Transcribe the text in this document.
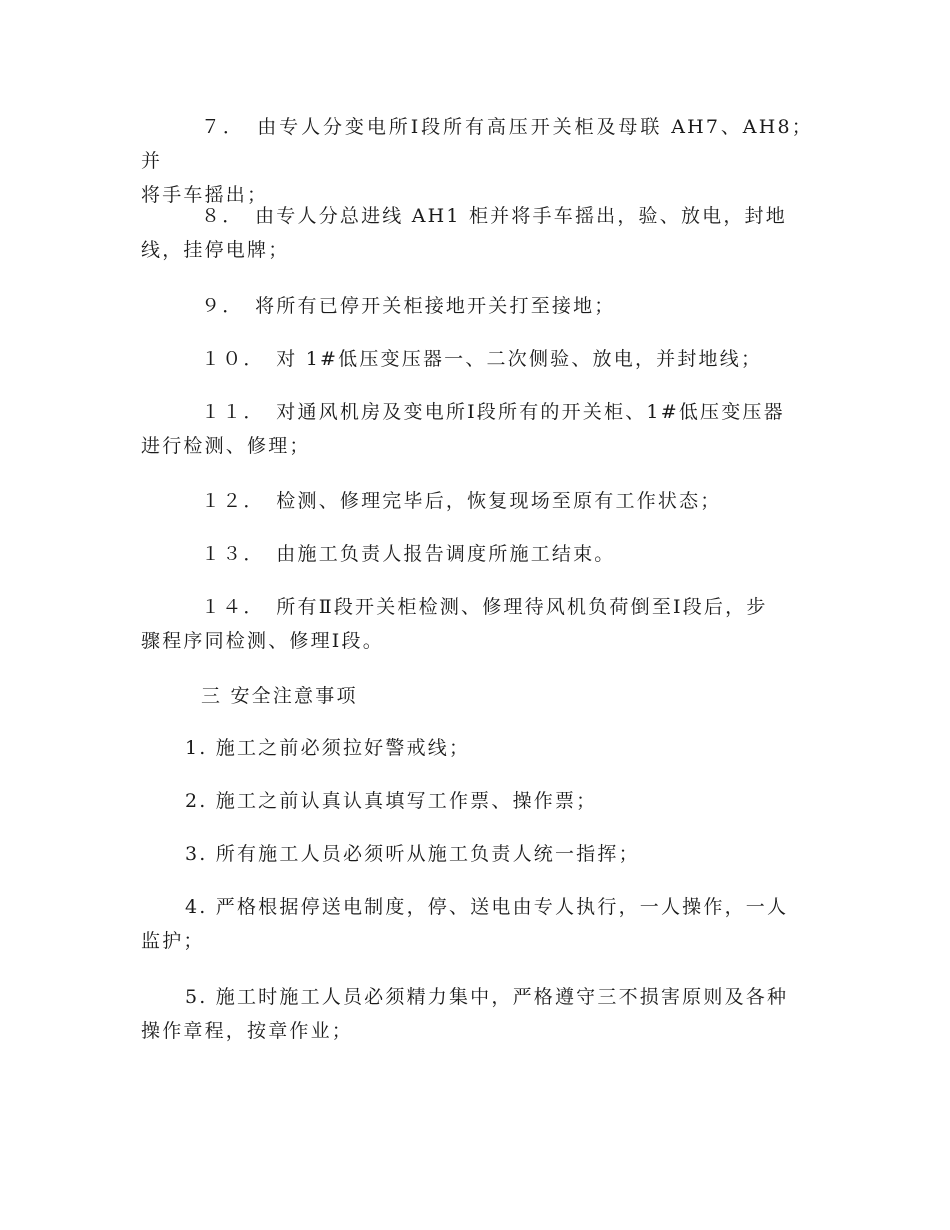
７．　由专人分变电所Ⅰ段所有高压开关柜及母联 AH7、AH8；并
将手车摇出；
８．　由专人分总进线 AH1 柜并将手车摇出，验、放电，封地
线，挂停电牌；
９．　将所有已停开关柜接地开关打至接地；
１０．　对 1#低压变压器一、二次侧验、放电，并封地线；
１１．　对通风机房及变电所Ⅰ段所有的开关柜、1#低压变压器
进行检测、修理；
１２．　检测、修理完毕后，恢复现场至原有工作状态；
１３．　由施工负责人报告调度所施工结束。
１４．　所有Ⅱ段开关柜检测、修理待风机负荷倒至Ⅰ段后，步
骤程序同检测、修理Ⅰ段。
三 安全注意事项
1. 施工之前必须拉好警戒线；
2. 施工之前认真认真填写工作票、操作票；
3. 所有施工人员必须听从施工负责人统一指挥；
4. 严格根据停送电制度，停、送电由专人执行，一人操作，一人
监护；
5. 施工时施工人员必须精力集中，严格遵守三不损害原则及各种
操作章程，按章作业；
